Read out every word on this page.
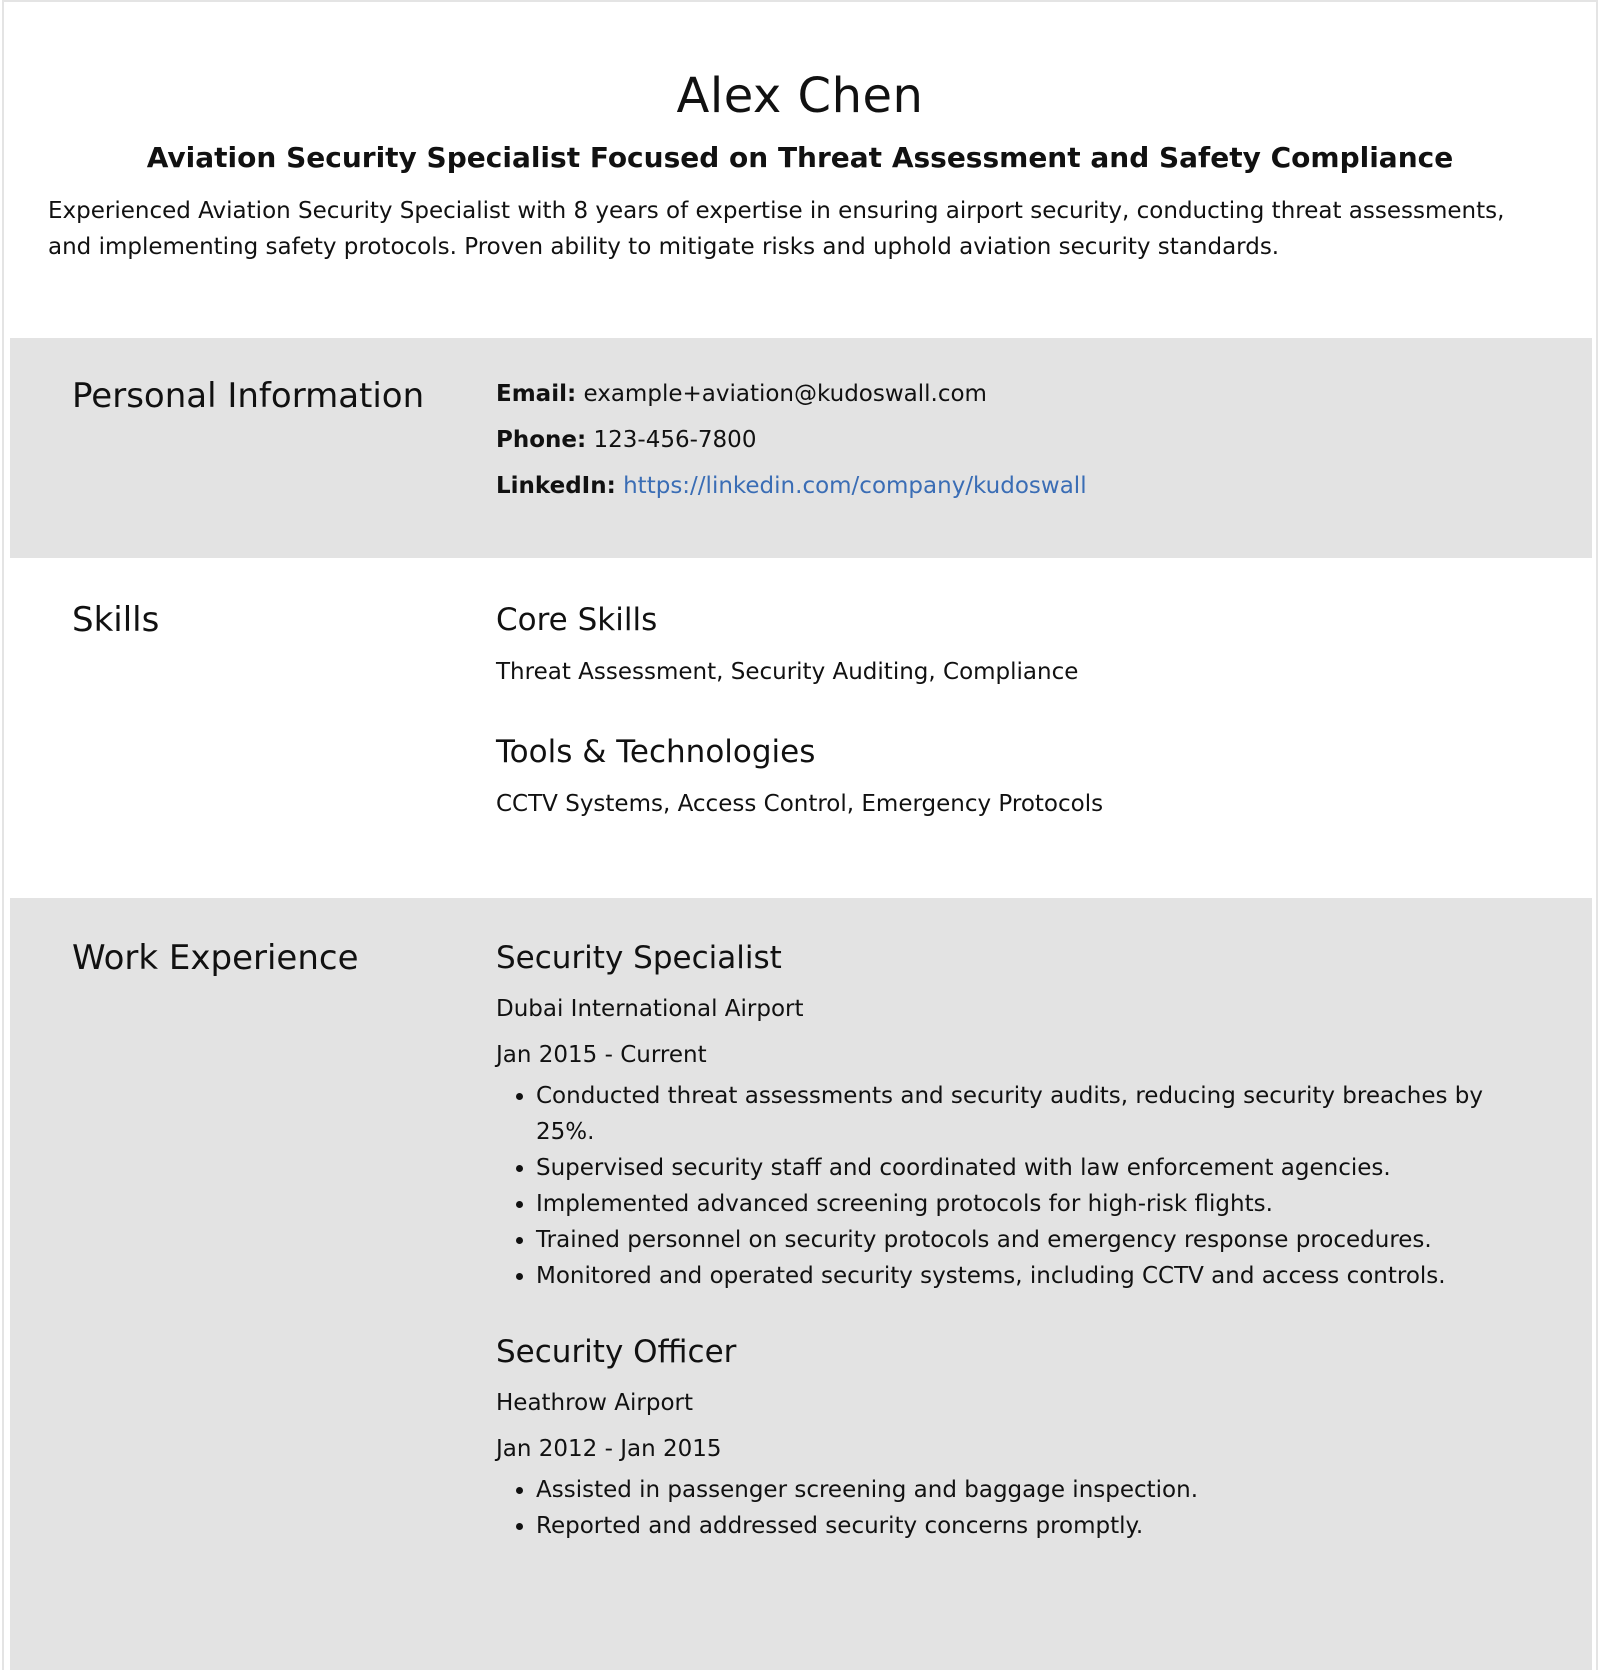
Alex Chen
Aviation Security Specialist Focused on Threat Assessment and Safety Compliance

Experienced Aviation Security Specialist with 8 years of expertise in ensuring airport security, conducting threat assessments, and implementing safety protocols. Proven ability to mitigate risks and uphold aviation security standards.

Personal Information	Email: example+aviation@kudoswall.com
Phone: 123-456-7800
LinkedIn: https://linkedin.com/company/kudoswall
Skills	Core Skills

Threat Assessment, Security Auditing, Compliance

Tools & Technologies

CCTV Systems, Access Control, Emergency Protocols

Work Experience	Security Specialist

Dubai International Airport

Jan 2015 - Current

• Conducted threat assessments and security audits, reducing security breaches by 25%.
• Supervised security staff and coordinated with law enforcement agencies.
• Implemented advanced screening protocols for high-risk flights.
• Trained personnel on security protocols and emergency response procedures.
• Monitored and operated security systems, including CCTV and access controls.
Security Officer

Heathrow Airport

Jan 2012 - Jan 2015

• Assisted in passenger screening and baggage inspection.
• Reported and addressed security concerns promptly.
